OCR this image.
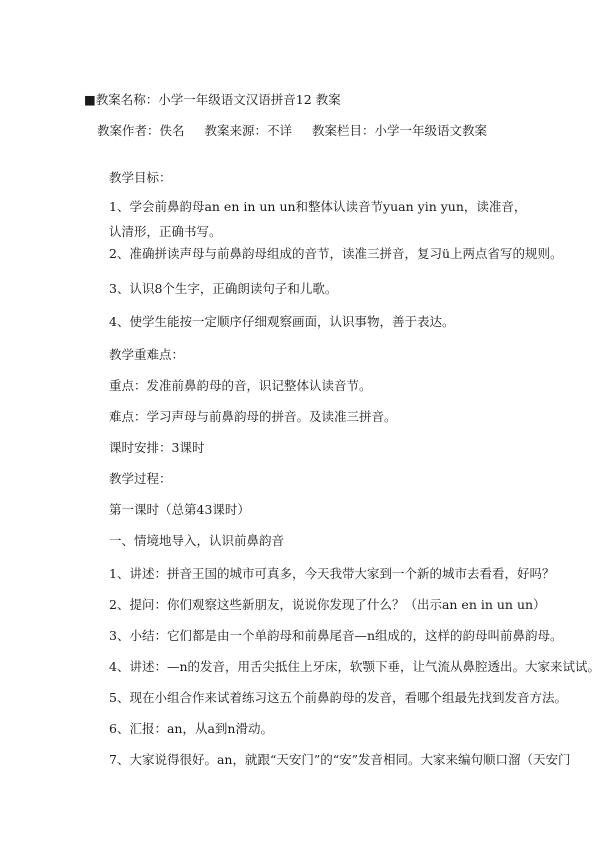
■教案名称：小学一年级语文汉语拼音12 教案
教案作者：佚名 教案来源：不详 教案栏目：小学一年级语文教案
教学目标：
1、学会前鼻韵母an en in un un和整体认读音节yuan yin yun，读准音，认清形，正确书写。
2、准确拼读声母与前鼻韵母组成的音节，读准三拼音，复习ü上两点省写的规则。
3、认识8个生字，正确朗读句子和儿歌。
4、使学生能按一定顺序仔细观察画面，认识事物，善于表达。
教学重难点：
重点：发准前鼻韵母的音，识记整体认读音节。
难点：学习声母与前鼻韵母的拼音。及读准三拼音。
课时安排：3课时
教学过程：
第一课时（总第43课时）
一、情境地导入，认识前鼻韵音
1、讲述：拼音王国的城市可真多，今天我带大家到一个新的城市去看看，好吗？
2、提问：你们观察这些新朋友，说说你发现了什么？（出示an en in un un）
3、小结：它们都是由一个单韵母和前鼻尾音—n组成的，这样的韵母叫前鼻韵母。
4、讲述：—n的发音，用舌尖抵住上牙床，软颚下垂，让气流从鼻腔透出。大家来试试。
5、现在小组合作来试着练习这五个前鼻韵母的发音，看哪个组最先找到发音方法。
6、汇报：an，从a到n滑动。
7、大家说得很好。an，就跟“天安门”的“安”发音相同。大家来编句顺口溜（天安门
